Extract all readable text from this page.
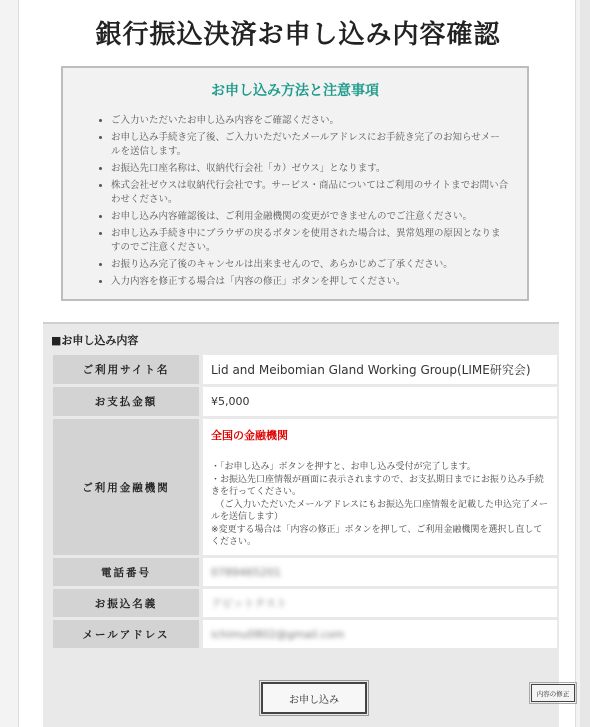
銀行振込決済お申し込み内容確認
お申し込み方法と注意事項
• ご入力いただいたお申し込み内容をご確認ください。
• お申し込み手続き完了後、ご入力いただいたメールアドレスにお手続き完了のお知らせメールを送信します。
• お振込先口座名称は、収納代行会社「カ）ゼウス」となります。
• 株式会社ゼウスは収納代行会社です。サービス・商品についてはご利用のサイトまでお問い合わせください。
• お申し込み内容確認後は、ご利用金融機関の変更ができませんのでご注意ください。
• お申し込み手続き中にブラウザの戻るボタンを使用された場合は、異常処理の原因となりますのでご注意ください。
• お振り込み完了後のキャンセルは出来ませんので、あらかじめご了承ください。
• 入力内容を修正する場合は「内容の修正」ボタンを押してください。
■お申し込み内容
ご利用サイト名	Lid and Meibomian Gland Working Group(LIME研究会)
お支払金額	¥5,000
ご利用金融機関	全国の金融機関

・「お申し込み」ボタンを押すと、お申し込み受付が完了します。

・お振込先口座情報が画面に表示されますので、お支払期日までにお振り込み手続きを行ってください。

　（ご入力いただいたメールアドレスにもお振込先口座情報を記載した申込完了メールを送信します）

※変更する場合は「内容の修正」ボタンを押して、ご利用金融機関を選択し直してください。

電話番号	0789465201
お振込名義	アビットテスト
メールアドレス	ichimu0802@gmail.com
お申し込み
内容の修正
